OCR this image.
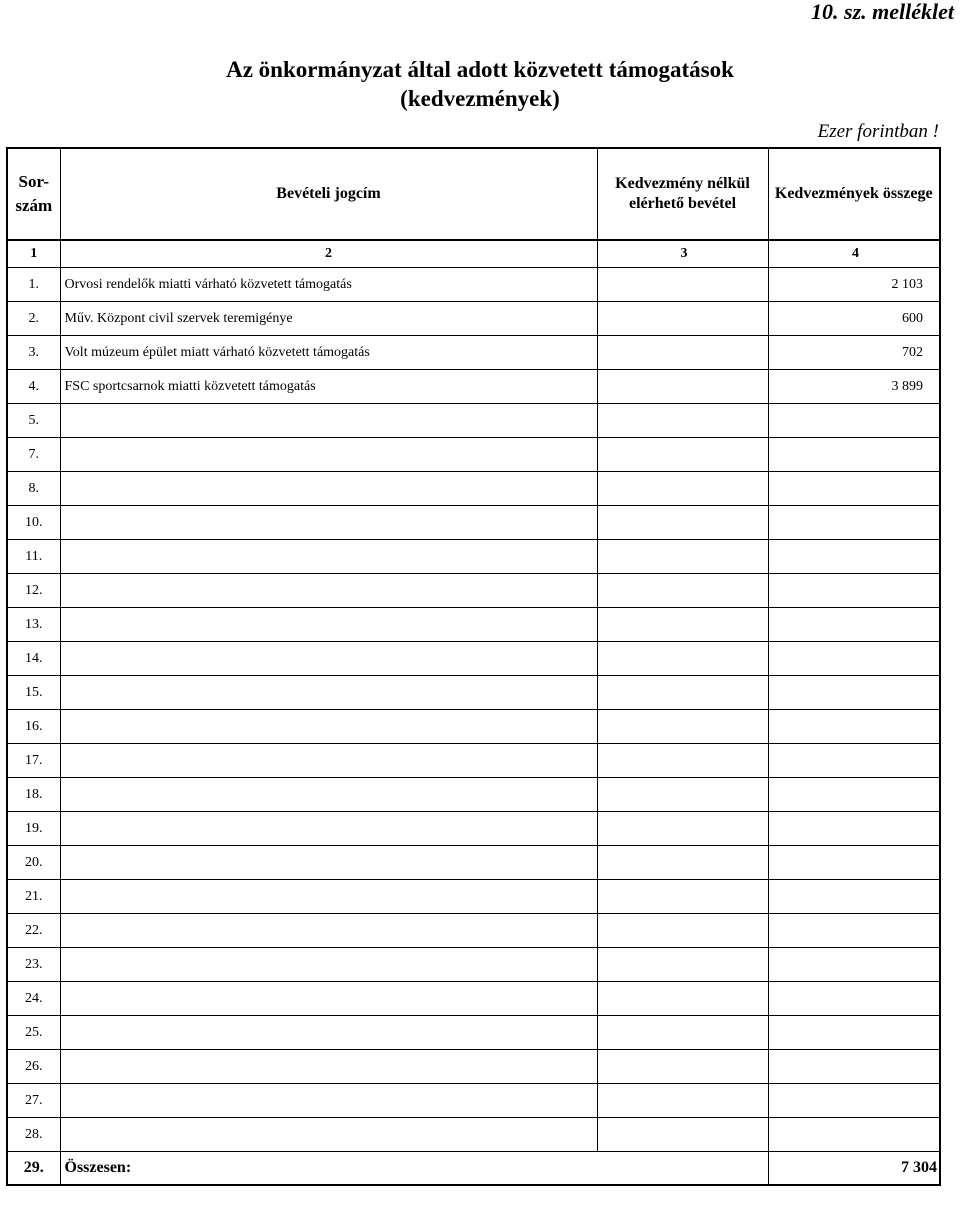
10. sz. melléklet
Az önkormányzat által adott közvetett támogatások
(kedvezmények)
Ezer forintban !
Sor-
szám	Bevételi jogcím	Kedvezmény nélkül elérhető bevétel	Kedvezmények összege
1	2	3	4
1.	Orvosi rendelők miatti várható közvetett támogatás		2 103
2.	Műv. Központ civil szervek teremigénye		600
3.	Volt múzeum épület miatt várható közvetett támogatás		702
4.	FSC sportcsarnok miatti közvetett támogatás		3 899
5.			
7.			
8.			
10.			
11.			
12.			
13.			
14.			
15.			
16.			
17.			
18.			
19.			
20.			
21.			
22.			
23.			
24.			
25.			
26.			
27.			
28.			
29.	Összesen:		7 304
